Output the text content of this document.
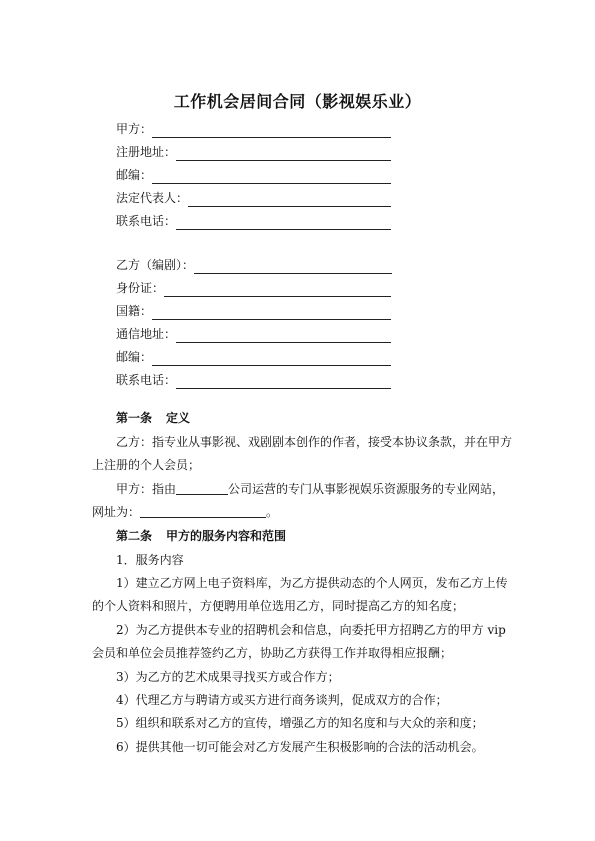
工作机会居间合同（影视娱乐业）
甲方：
注册地址：
邮编：
法定代表人：
联系电话：
乙方（编剧）：
身份证：
国籍：
通信地址：
邮编：
联系电话：
第一条 定义
乙方：指专业从事影视、戏剧剧本创作的作者，接受本协议条款，并在甲方
上注册的个人会员；
甲方：指由	公司运营的专门从事影视娱乐资源服务的专业网站，
网址为：	。
第二条 甲方的服务内容和范围
1．服务内容
1）建立乙方网上电子资料库，为乙方提供动态的个人网页，发布乙方上传
的个人资料和照片，方便聘用单位选用乙方，同时提高乙方的知名度；
2）为乙方提供本专业的招聘机会和信息，向委托甲方招聘乙方的甲方 vip
会员和单位会员推荐签约乙方，协助乙方获得工作并取得相应报酬；
3）为乙方的艺术成果寻找买方或合作方；
4）代理乙方与聘请方或买方进行商务谈判，促成双方的合作；
5）组织和联系对乙方的宣传，增强乙方的知名度和与大众的亲和度；
6）提供其他一切可能会对乙方发展产生积极影响的合法的活动机会。
